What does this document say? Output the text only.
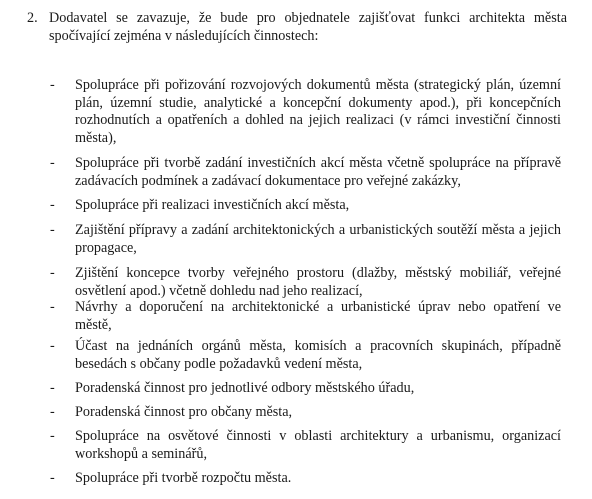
2. Dodavatel se zavazuje, že bude pro objednatele zajišťovat funkci architekta města
spočívající zejména v následujících činnostech:
- Spolupráce při pořizování rozvojových dokumentů města (strategický plán, územní
plán, územní studie, analytické a koncepční dokumenty apod.), při koncepčních
rozhodnutích a opatřeních a dohled na jejich realizaci (v rámci investiční činnosti
města),
- Spolupráce při tvorbě zadání investičních akcí města včetně spolupráce na přípravě
zadávacích podmínek a zadávací dokumentace pro veřejné zakázky,
- Spolupráce při realizaci investičních akcí města,
- Zajištění přípravy a zadání architektonických a urbanistických soutěží města a jejich
propagace,
- Zjištění koncepce tvorby veřejného prostoru (dlažby, městský mobiliář, veřejné
osvětlení apod.) včetně dohledu nad jeho realizací,
- Návrhy a doporučení na architektonické a urbanistické úprav nebo opatření ve
městě,
- Účast na jednáních orgánů města, komisích a pracovních skupinách, případně
besedách s občany podle požadavků vedení města,
- Poradenská činnost pro jednotlivé odbory městského úřadu,
- Poradenská činnost pro občany města,
- Spolupráce na osvětové činnosti v oblasti architektury a urbanismu, organizací
workshopů a seminářů,
- Spolupráce při tvorbě rozpočtu města.
